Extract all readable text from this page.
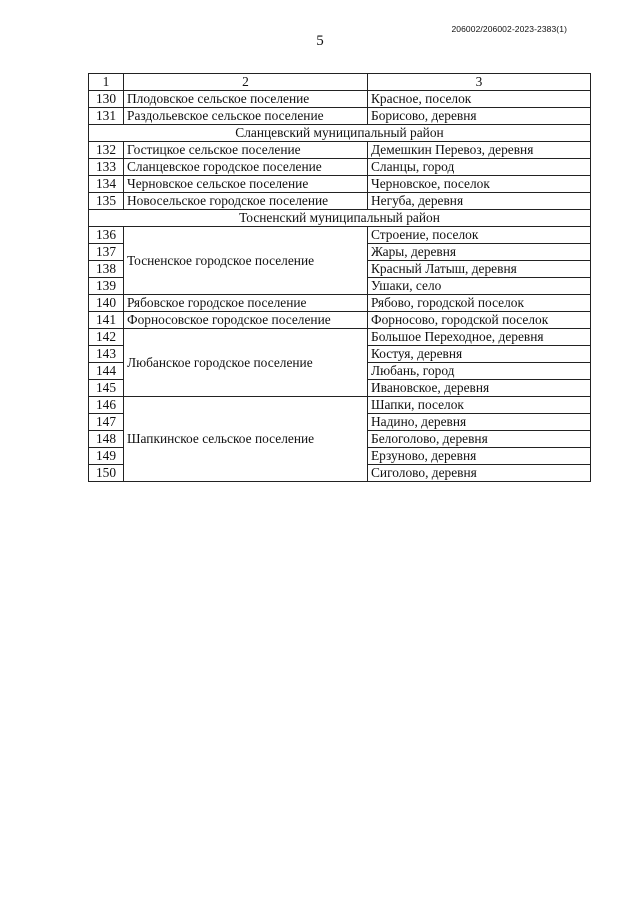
206002/206002-2023-2383(1)
5
1	2	3
130	Плодовское сельское поселение	Красное, поселок
131	Раздольевское сельское поселение	Борисово, деревня
Сланцевский муниципальный район		
132	Гостицкое сельское поселение	Демешкин Перевоз, деревня
133	Сланцевское городское поселение	Сланцы, город
134	Черновское сельское поселение	Черновское, поселок
135	Новосельское городское поселение	Негуба, деревня
Тосненский муниципальный район		
136	Тосненское городское поселение	Строение, поселок
137		Жары, деревня
138		Красный Латыш, деревня
139		Ушаки, село
140	Рябовское городское поселение	Рябово, городской поселок
141	Форносовское городское поселение	Форносово, городской поселок
142	Любанское городское поселение	Большое Переходное, деревня
143		Костуя, деревня
144		Любань, город
145		Ивановское, деревня
146	Шапкинское сельское поселение	Шапки, поселок
147		Надино, деревня
148		Белоголово, деревня
149		Ерзуново, деревня
150		Сиголово, деревня
